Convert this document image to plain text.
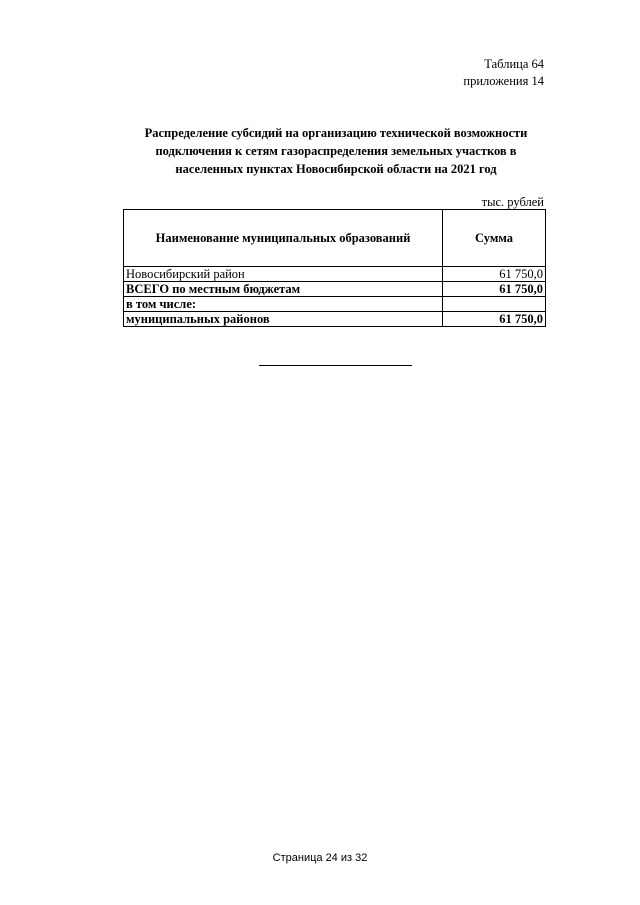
Таблица 64
приложения 14
Распределение субсидий на организацию технической возможности
подключения к сетям газораспределения земельных участков в
населенных пунктах Новосибирской области на 2021 год
тыс. рублей
Наименование муниципальных образований	Сумма
Новосибирский район	61 750,0
ВСЕГО по местным бюджетам	61 750,0
в том числе:	
муниципальных районов	61 750,0
Страница 24 из 32
